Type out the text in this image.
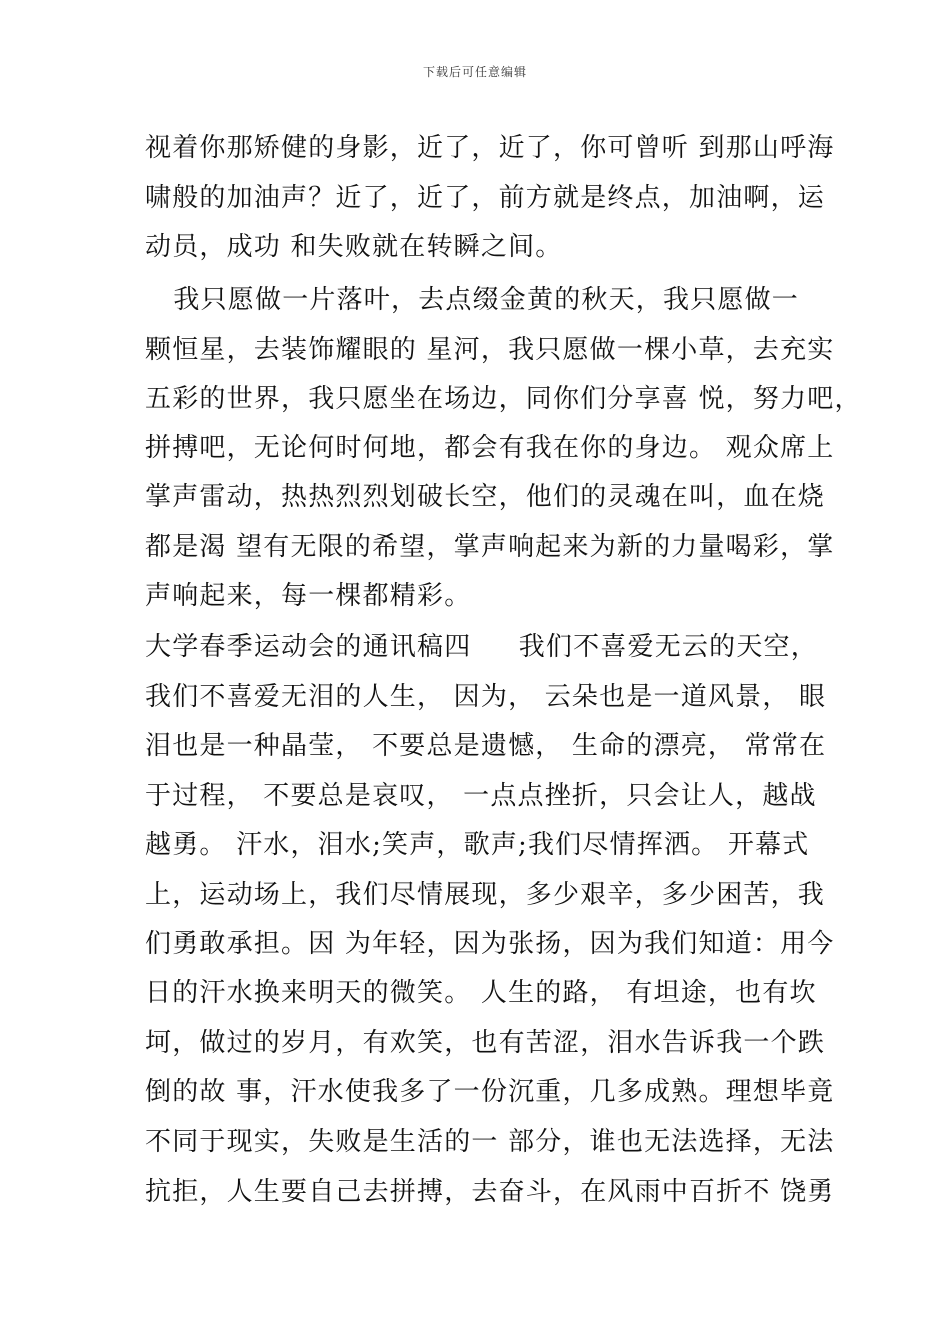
下载后可任意编辑
视着你那矫健的身影，近了，近了，你可曾听 到那山呼海
啸般的加油声？近了，近了，前方就是终点，加油啊，运
动员，成功 和失败就在转瞬之间。
我只愿做一片落叶，去点缀金黄的秋天，我只愿做一
颗恒星，去装饰耀眼的 星河，我只愿做一棵小草，去充实
五彩的世界，我只愿坐在场边，同你们分享喜 悦，努力吧，
拼搏吧，无论何时何地，都会有我在你的身边。 观众席上
掌声雷动，热热烈烈划破长空，他们的灵魂在叫，血在烧
都是渴 望有无限的希望，掌声响起来为新的力量喝彩，掌
声响起来，每一棵都精彩。
大学春季运动会的通讯稿四     我们不喜爱无云的天空，
我们不喜爱无泪的人生， 因为， 云朵也是一道风景， 眼
泪也是一种晶莹， 不要总是遗憾， 生命的漂亮， 常常在
于过程， 不要总是哀叹， 一点点挫折，只会让人，越战
越勇。 汗水，泪水;笑声，歌声;我们尽情挥洒。 开幕式
上，运动场上，我们尽情展现，多少艰辛，多少困苦，我
们勇敢承担。因 为年轻，因为张扬，因为我们知道：用今
日的汗水换来明天的微笑。 人生的路， 有坦途，也有坎
坷，做过的岁月，有欢笑，也有苦涩，泪水告诉我一个跌
倒的故 事，汗水使我多了一份沉重，几多成熟。理想毕竟
不同于现实，失败是生活的一 部分，谁也无法选择，无法
抗拒，人生要自己去拼搏，去奋斗，在风雨中百折不 饶勇
